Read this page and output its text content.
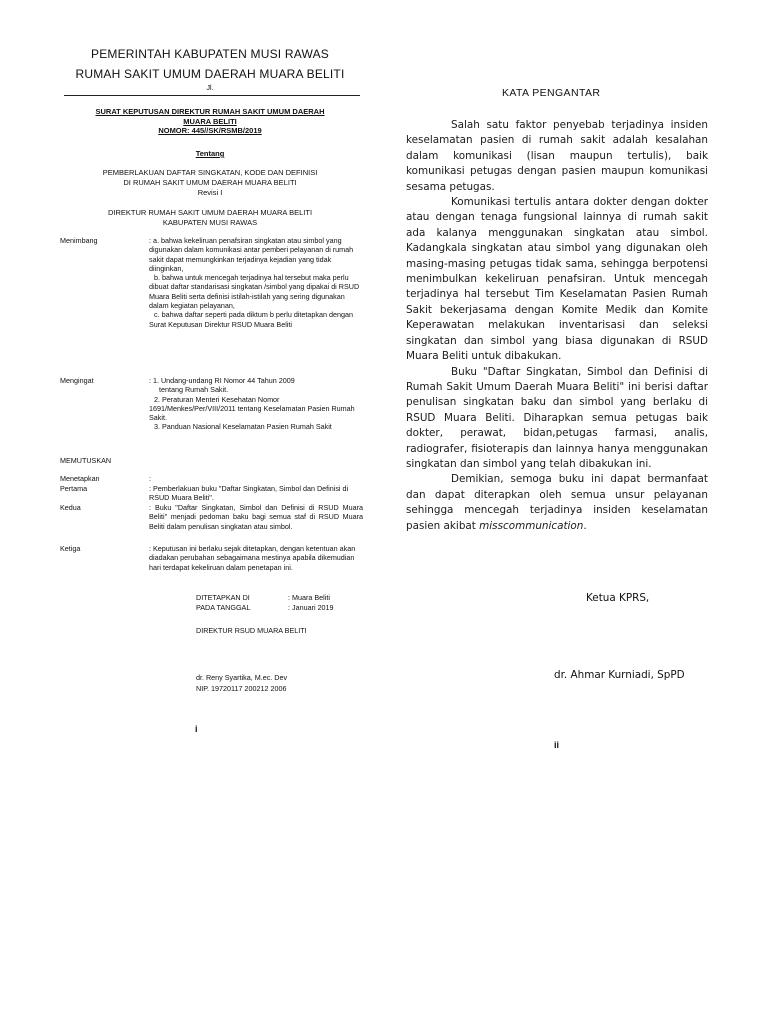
PEMERINTAH KABUPATEN MUSI RAWAS
RUMAH SAKIT UMUM DAERAH MUARA BELITI
Jl.
SURAT KEPUTUSAN DIREKTUR RUMAH SAKIT UMUM DAERAH
MUARA BELITI
NOMOR: 445//SK/RSMB/2019
Tentang
PEMBERLAKUAN DAFTAR SINGKATAN, KODE DAN DEFINISI
DI RUMAH SAKIT UMUM DAERAH MUARA BELITI
Revisi I
DIREKTUR RUMAH SAKIT UMUM DAERAH MUARA BELITI
KABUPATEN MUSI RAWAS
Menimbang	: a. bahwa kekeliruan penafsiran singkatan atau simbol yang digunakan dalam komunikasi antar pemberi pelayanan di rumah sakit dapat memungkinkan terjadinya kejadian yang tidak diinginkan,

b. bahwa untuk mencegah terjadinya hal tersebut maka perlu dibuat daftar standarisasi singkatan /simbol yang dipakai di RSUD Muara Beliti serta definisi istilah-istilah yang sering digunakan dalam kegiatan pelayanan,

c. bahwa daftar seperti pada diktum b perlu ditetapkan dengan Surat Keputusan Direktur RSUD Muara Beliti

Mengingat	: 1. Undang-undang RI Nomor 44 Tahun 2009

tentang Rumah Sakit.

2. Peraturan Menteri Kesehatan Nomor 1691/Menkes/Per/VIII/2011 tentang Keselamatan Pasien Rumah Sakit.

3. Panduan Nasional Keselamatan Pasien Rumah Sakit

MEMUTUSKAN
Menetapkan	:
Pertama	: Pemberlakuan buku "Daftar Singkatan, Simbol dan Definisi di RSUD Muara Beliti".
Kedua	: Buku "Daftar Singkatan, Simbol dan Definisi di RSUD Muara Beliti" menjadi pedoman baku bagi semua staf di RSUD Muara Beliti dalam penulisan singkatan atau simbol.
Ketiga	: Keputusan ini berlaku sejak ditetapkan, dengan ketentuan akan diadakan perubahan sebagaimana mestinya apabila dikemudian hari terdapat kekeliruan dalam penetapan ini.
DITETAPKAN DI	: Muara Beliti
PADA TANGGAL	: Januari 2019
DIREKTUR RSUD MUARA BELITI
dr. Reny Syartika, M.ec. Dev
NIP. 19720117 200212 2006
i
KATA PENGANTAR

Salah satu faktor penyebab terjadinya insiden keselamatan pasien di rumah sakit adalah kesalahan dalam komunikasi (lisan maupun tertulis), baik komunikasi petugas dengan pasien maupun komunikasi sesama petugas.

Komunikasi tertulis antara dokter dengan dokter atau dengan tenaga fungsional lainnya di rumah sakit ada kalanya menggunakan singkatan atau simbol. Kadangkala singkatan atau simbol yang digunakan oleh masing-masing petugas tidak sama, sehingga berpotensi menimbulkan kekeliruan penafsiran. Untuk mencegah terjadinya hal tersebut Tim Keselamatan Pasien Rumah Sakit bekerjasama dengan Komite Medik dan Komite Keperawatan melakukan inventarisasi dan seleksi singkatan dan simbol yang biasa digunakan di RSUD Muara Beliti untuk dibakukan.

Buku "Daftar Singkatan, Simbol dan Definisi di Rumah Sakit Umum Daerah Muara Beliti" ini berisi daftar penulisan singkatan baku dan simbol yang berlaku di RSUD Muara Beliti. Diharapkan semua petugas baik dokter, perawat, bidan,petugas farmasi, analis, radiografer, fisioterapis dan lainnya hanya menggunakan singkatan dan simbol yang telah dibakukan ini.

Demikian, semoga buku ini dapat bermanfaat dan dapat diterapkan oleh semua unsur pelayanan sehingga mencegah terjadinya insiden keselamatan pasien akibat misscommunication.

Ketua KPRS,
dr. Ahmar Kurniadi, SpPD
ii
